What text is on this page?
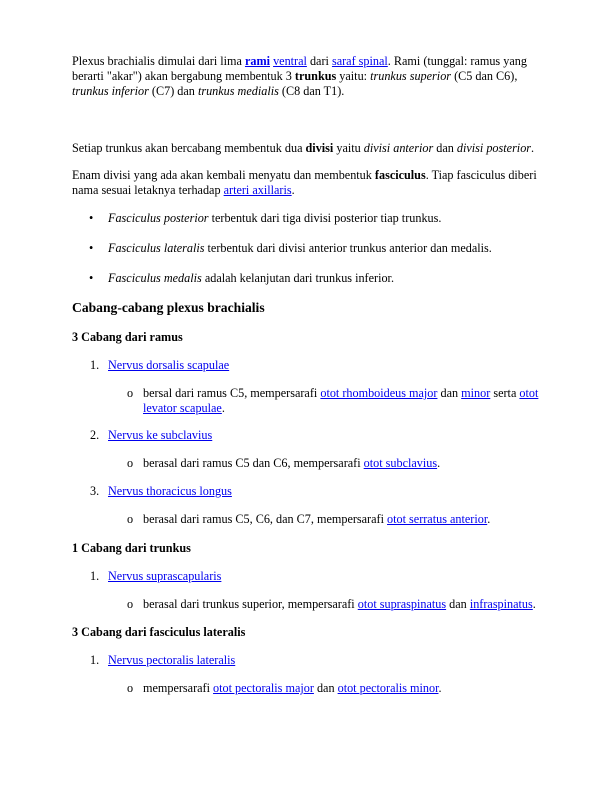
Plexus brachialis dimulai dari lima rami ventral dari saraf spinal. Rami (tunggal: ramus yang berarti "akar") akan bergabung membentuk 3 trunkus yaitu: trunkus superior (C5 dan C6), trunkus inferior (C7) dan trunkus medialis (C8 dan T1).

Setiap trunkus akan bercabang membentuk dua divisi yaitu divisi anterior dan divisi posterior.

Enam divisi yang ada akan kembali menyatu dan membentuk fasciculus. Tiap fasciculus diberi nama sesuai letaknya terhadap arteri axillaris.

• Fasciculus posterior terbentuk dari tiga divisi posterior tiap trunkus.

• Fasciculus lateralis terbentuk dari divisi anterior trunkus anterior dan medalis.

• Fasciculus medalis adalah kelanjutan dari trunkus inferior.

Cabang-cabang plexus brachialis
3 Cabang dari ramus

1. Nervus dorsalis scapulae

o bersal dari ramus C5, mempersarafi otot rhomboideus major dan minor serta otot levator scapulae.

2. Nervus ke subclavius

o berasal dari ramus C5 dan C6, mempersarafi otot subclavius.

3. Nervus thoracicus longus

o berasal dari ramus C5, C6, dan C7, mempersarafi otot serratus anterior.

1 Cabang dari trunkus

1. Nervus suprascapularis

o berasal dari trunkus superior, mempersarafi otot supraspinatus dan infraspinatus.

3 Cabang dari fasciculus lateralis

1. Nervus pectoralis lateralis

o mempersarafi otot pectoralis major dan otot pectoralis minor.
